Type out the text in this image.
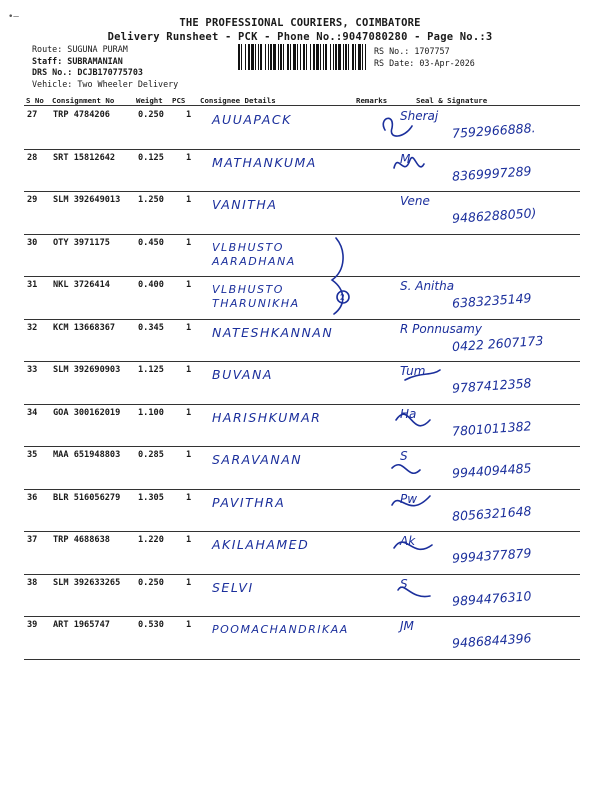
•—	THE PROFESSIONAL COURIERS, COIMBATORE
Delivery Runsheet - PCK - Phone No.:9047080280 - Page No.:3
Route: SUGUNA PURAM
Staff: SUBRAMANIAN
DRS No.: DCJB170775703
Vehicle: Two Wheeler Delivery
RS No.: 1707757
RS Date: 03-Apr-2026
S No Consignment No	Weight PCS Consignee Details	Remarks	Seal & Signature
27 TRP 4784206	0.250	1 AUUAPACK	Sheraj
7592966888.
28 SRT 15812642	0.125	1 MATHANKUMA	M
8369997289
29 SLM 392649013 1.250	1 VANITHA	Vene
9486288050)
30 OTY 3971175	0.450	1 VLBHUSTO AARADHANA
31 NKL 3726414	0.400	1 VLBHUSTO THARUNIKHA
S. Anitha
6383235149
32 KCM 13668367	0.345	1 NATESHKANNAN	R Ponnusamy
0422 2607173
33 SLM 392690903 1.125	1 BUVANA	Tum
9787412358
34 GOA 300162019 1.100	1 HARISHKUMAR	Ha
7801011382
35 MAA 651948803 0.285	1 SARAVANAN	S
9944094485
36 BLR 516056279 1.305	1 PAVITHRA	Pw
8056321648
37 TRP 4688638	1.220	1 AKILAHAMED	Ak
9994377879
38 SLM 392633265 0.250	1 SELVI	S
9894476310
39 ART 1965747	0.530	1 POOMACHANDRIKAA	JM
9486844396
2
